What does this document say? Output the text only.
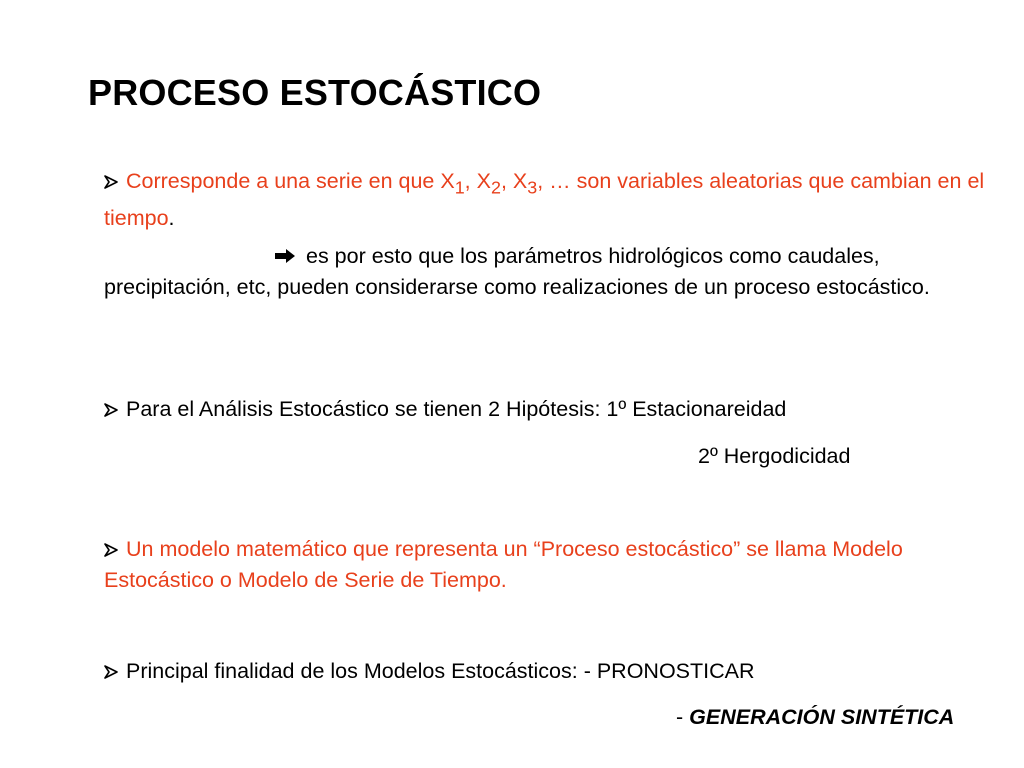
PROCESO ESTOCÁSTICO
Corresponde a una serie en que $X_1$, $X_2$, $X_3$, … son variables aleatorias que cambian en el tiempo.
es por esto que los parámetros hidrológicos como caudales, precipitación, etc, pueden considerarse como realizaciones de un proceso estocástico.
Para el Análisis Estocástico se tienen 2 Hipótesis: 1º Estacionareidad
2º Hergodicidad
Un modelo matemático que representa un “Proceso estocástico” se llama Modelo Estocástico o Modelo de Serie de Tiempo.
Principal finalidad de los Modelos Estocásticos: - PRONOSTICAR
- GENERACIÓN SINTÉTICA
